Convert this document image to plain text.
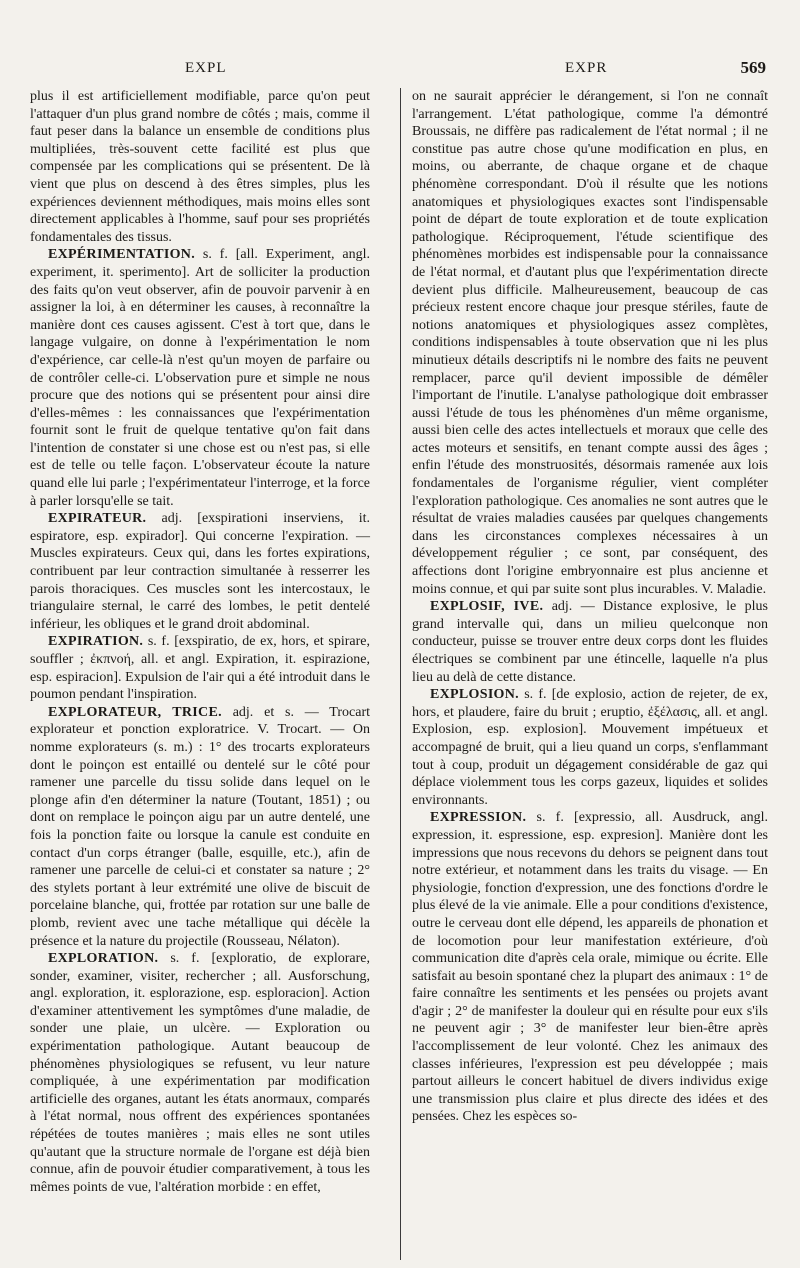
EXPL	EXPR	569

plus il est artificiellement modifiable, parce qu'on peut l'attaquer d'un plus grand nombre de côtés ; mais, comme il faut peser dans la balance un ensemble de conditions plus multipliées, très-souvent cette facilité est plus que compensée par les complications qui se présentent. De là vient que plus on descend à des êtres simples, plus les expériences deviennent méthodiques, mais moins elles sont directement applicables à l'homme, sauf pour ses propriétés fondamentales des tissus.

EXPÉRIMENTATION. s. f. [all. Experiment, angl. experiment, it. sperimento]. Art de solliciter la production des faits qu'on veut observer, afin de pouvoir parvenir à en assigner la loi, à en déterminer les causes, à reconnaître la manière dont ces causes agissent. C'est à tort que, dans le langage vulgaire, on donne à l'expérimentation le nom d'expérience, car celle-là n'est qu'un moyen de parfaire ou de contrôler celle-ci. L'observation pure et simple ne nous procure que des notions qui se présentent pour ainsi dire d'elles-mêmes : les connaissances que l'expérimentation fournit sont le fruit de quelque tentative qu'on fait dans l'intention de constater si une chose est ou n'est pas, si elle est de telle ou telle façon. L'observateur écoute la nature quand elle lui parle ; l'expérimentateur l'interroge, et la force à parler lorsqu'elle se tait.

EXPIRATEUR. adj. [exspirationi inserviens, it. espiratore, esp. expirador]. Qui concerne l'expiration. — Muscles expirateurs. Ceux qui, dans les fortes expirations, contribuent par leur contraction simultanée à resserrer les parois thoraciques. Ces muscles sont les intercostaux, le triangulaire sternal, le carré des lombes, le petit dentelé inférieur, les obliques et le grand droit abdominal.

EXPIRATION. s. f. [exspiratio, de ex, hors, et spirare, souffler ; ἐκπνοή, all. et angl. Expiration, it. espirazione, esp. espiracion]. Expulsion de l'air qui a été introduit dans le poumon pendant l'inspiration.

EXPLORATEUR, TRICE. adj. et s. — Trocart explorateur et ponction exploratrice. V. Trocart. — On nomme explorateurs (s. m.) : 1° des trocarts explorateurs dont le poinçon est entaillé ou dentelé sur le côté pour ramener une parcelle du tissu solide dans lequel on le plonge afin d'en déterminer la nature (Toutant, 1851) ; ou dont on remplace le poinçon aigu par un autre dentelé, une fois la ponction faite ou lorsque la canule est conduite en contact d'un corps étranger (balle, esquille, etc.), afin de ramener une parcelle de celui-ci et constater sa nature ; 2° des stylets portant à leur extrémité une olive de biscuit de porcelaine blanche, qui, frottée par rotation sur une balle de plomb, revient avec une tache métallique qui décèle la présence et la nature du projectile (Rousseau, Nélaton).

EXPLORATION. s. f. [exploratio, de explorare, sonder, examiner, visiter, rechercher ; all. Ausforschung, angl. exploration, it. esplorazione, esp. esploracion]. Action d'examiner attentivement les symptômes d'une maladie, de sonder une plaie, un ulcère. — Exploration ou expérimentation pathologique. Autant beaucoup de phénomènes physiologiques se refusent, vu leur nature compliquée, à une expérimentation par modification artificielle des organes, autant les états anormaux, comparés à l'état normal, nous offrent des expériences spontanées répétées de toutes manières ; mais elles ne sont utiles qu'autant que la structure normale de l'organe est déjà bien connue, afin de pouvoir étudier comparativement, à tous les mêmes points de vue, l'altération morbide : en effet,

on ne saurait apprécier le dérangement, si l'on ne connaît l'arrangement. L'état pathologique, comme l'a démontré Broussais, ne diffère pas radicalement de l'état normal ; il ne constitue pas autre chose qu'une modification en plus, en moins, ou aberrante, de chaque organe et de chaque phénomène correspondant. D'où il résulte que les notions anatomiques et physiologiques exactes sont l'indispensable point de départ de toute exploration et de toute explication pathologique. Réciproquement, l'étude scientifique des phénomènes morbides est indispensable pour la connaissance de l'état normal, et d'autant plus que l'expérimentation directe devient plus difficile. Malheureusement, beaucoup de cas précieux restent encore chaque jour presque stériles, faute de notions anatomiques et physiologiques assez complètes, conditions indispensables à toute observation que ni les plus minutieux détails descriptifs ni le nombre des faits ne peuvent remplacer, parce qu'il devient impossible de démêler l'important de l'inutile. L'analyse pathologique doit embrasser aussi l'étude de tous les phénomènes d'un même organisme, aussi bien celle des actes intellectuels et moraux que celle des actes moteurs et sensitifs, en tenant compte aussi des âges ; enfin l'étude des monstruosités, désormais ramenée aux lois fondamentales de l'organisme régulier, vient compléter l'exploration pathologique. Ces anomalies ne sont autres que le résultat de vraies maladies causées par quelques changements dans les circonstances complexes nécessaires à un développement régulier ; ce sont, par conséquent, des affections dont l'origine embryonnaire est plus ancienne et moins connue, et qui par suite sont plus incurables. V. Maladie.

EXPLOSIF, IVE. adj. — Distance explosive, le plus grand intervalle qui, dans un milieu quelconque non conducteur, puisse se trouver entre deux corps dont les fluides électriques se combinent par une étincelle, laquelle n'a plus lieu au delà de cette distance.

EXPLOSION. s. f. [de explosio, action de rejeter, de ex, hors, et plaudere, faire du bruit ; eruptio, ἐξέλασις, all. et angl. Explosion, esp. explosion]. Mouvement impétueux et accompagné de bruit, qui a lieu quand un corps, s'enflammant tout à coup, produit un dégagement considérable de gaz qui déplace violemment tous les corps gazeux, liquides et solides environnants.

EXPRESSION. s. f. [expressio, all. Ausdruck, angl. expression, it. espressione, esp. expresion]. Manière dont les impressions que nous recevons du dehors se peignent dans tout notre extérieur, et notamment dans les traits du visage. — En physiologie, fonction d'expression, une des fonctions d'ordre le plus élevé de la vie animale. Elle a pour conditions d'existence, outre le cerveau dont elle dépend, les appareils de phonation et de locomotion pour leur manifestation extérieure, d'où communication dite d'après cela orale, mimique ou écrite. Elle satisfait au besoin spontané chez la plupart des animaux : 1° de faire connaître les sentiments et les pensées ou projets avant d'agir ; 2° de manifester la douleur qui en résulte pour eux s'ils ne peuvent agir ; 3° de manifester leur bien-être après l'accomplissement de leur volonté. Chez les animaux des classes inférieures, l'expression est peu développée ; mais partout ailleurs le concert habituel de divers individus exige une transmission plus claire et plus directe des idées et des pensées. Chez les espèces so-
